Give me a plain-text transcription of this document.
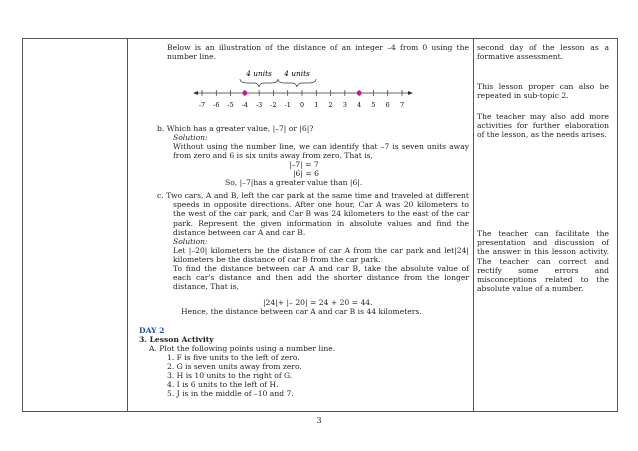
Below is an illustration of the distance of an integer –4 from 0 using the number line.
4 units 4 units
-7 -6 -5 -4 -3 -2 -1 0 1 2 3 4 5 6 7
b. Which has a greater value, |–7| or |6|?
Solution:
Without using the number line, we can identify that –7 is seven units away from zero and 6 is six units away from zero. That is,
|–7| = 7
|6| = 6
So, |–7|has a greater value than |6|.
c. Two cars, A and B, left the car park at the same time and traveled at different speeds in opposite directions. After one hour, Car A was 20 kilometers to the west of the car park, and Car B was 24 kilometers to the east of the car park. Represent the given information in absolute values and find the distance between car A and car B.
Solution:
Let |–20| kilometers be the distance of car A from the car park and let|24| kilometers be the distance of car B from the car park.
To find the distance between car A and car B, take the absolute value of each car's distance and then add the shorter distance from the longer distance. That is,
|24|+ |– 20| = 24 + 20 = 44.
Hence, the distance between car A and car B is 44 kilometers.
DAY 2
3. Lesson Activity
A. Plot the following points using a number line.
1. F is five units to the left of zero.
2. G is seven units away from zero.
3. H is 10 units to the right of G.
4. I is 6 units to the left of H.
5. J is in the middle of –10 and 7.
second day of the lesson as a formative assessment.
This lesson proper can also be repeated in sub-topic 2.
The teacher may also add more activities for further elaboration of the lesson, as the needs arises.
The teacher can facilitate the presentation and discussion of the answer in this lesson activity. The teacher can correct and rectify some errors and misconceptions related to the absolute value of a number.
3
